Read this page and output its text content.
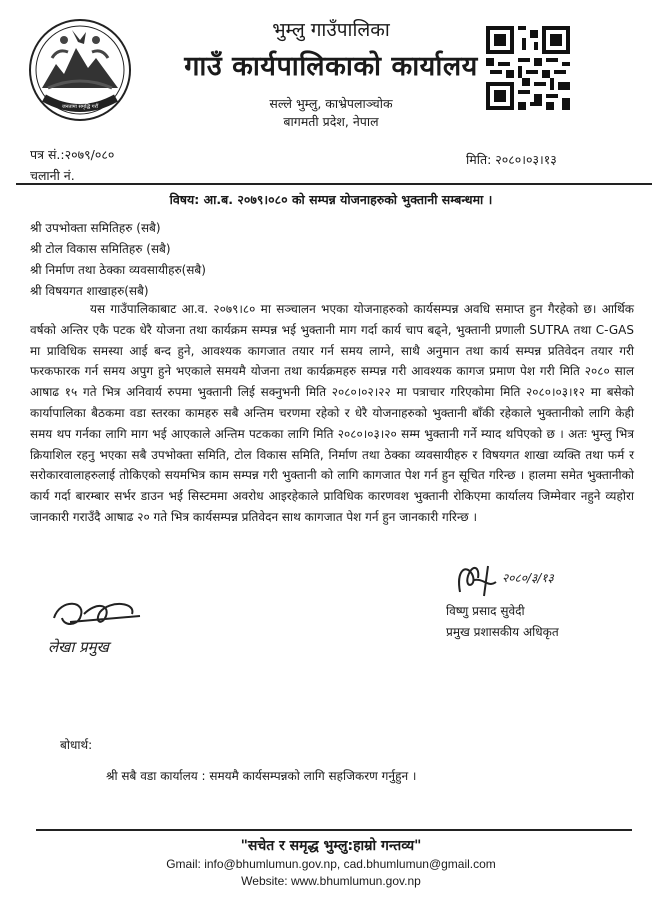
जनतामा समृद्धि गरौँ
भुम्लु गाउँपालिका
गाउँ कार्यपालिकाको कार्यालय
सल्ले भुम्लु, काभ्रेपलाञ्चोक
बागमती प्रदेश, नेपाल
पत्र सं.:२०७९/०८०
चलानी नं.
मिति: २०८०।०३।१३
विषय: आ.ब. २०७९।०८० को सम्पन्न योजनाहरुको भुक्तानी सम्बन्धमा ।
श्री उपभोक्ता समितिहरु (सबै)
श्री टोल विकास समितिहरु (सबै)
श्री निर्माण तथा ठेक्का व्यवसायीहरु(सबै)
श्री विषयगत शाखाहरु(सबै)

यस गाउँपालिकाबाट आ.व. २०७९।८० मा सञ्चालन भएका योजनाहरुको कार्यसम्पन्न अवधि समाप्त हुन गैरहेको छ। आर्थिक वर्षको अन्तिर एकै पटक धेरै योजना तथा कार्यक्रम सम्पन्न भई भुक्तानी माग गर्दा कार्य चाप बढ्ने, भुक्तानी प्रणाली SUTRA तथा C-GAS मा प्राविधिक समस्या आई बन्द हुने, आवश्यक कागजात तयार गर्न समय लाग्ने, साथै अनुमान तथा कार्य सम्पन्न प्रतिवेदन तयार गरी फरकफारक गर्न समय अपुग हुने भएकाले समयमै योजना तथा कार्यक्रमहरु सम्पन्न गरी आवश्यक कागज प्रमाण पेश गरी मिति २०८० साल आषाढ १५ गते भित्र अनिवार्य रुपमा भुक्तानी लिई सक्नुभनी मिति २०८०।०२।२२ मा पत्राचार गरिएकोमा मिति २०८०।०३।१२ मा बसेको कार्यापालिका बैठकमा वडा स्तरका कामहरु सबै अन्तिम चरणमा रहेको र धेरै योजनाहरुको भुक्तानी बाँकी रहेकाले भुक्तानीको लागि केही समय थप गर्नका लागि माग भई आएकाले अन्तिम पटकका लागि मिति २०८०।०३।२० सम्म भुक्तानी गर्ने म्याद थपिएको छ । अतः भुम्लु भित्र क्रियाशिल रहनु भएका सबै उपभोक्ता समिति, टोल विकास समिति, निर्माण तथा ठेक्का व्यवसायीहरु र विषयगत शाखा व्यक्ति तथा फर्म र सरोकारवालाहरुलाई तोकिएको सयमभित्र काम सम्पन्न गरी भुक्तानी को लागि कागजात पेश गर्न हुन सूचित गरिन्छ । हालमा समेत भुक्तानीको कार्य गर्दा बारम्बार सर्भर डाउन भई सिस्टममा अवरोध आइरहेकाले प्राविधिक कारणवश भुक्तानी रोकिएमा कार्यालय जिम्मेवार नहुने व्यहोरा जानकारी गराउँदै आषाढ २० गते भित्र कार्यसम्पन्न प्रतिवेदन साथ कागजात पेश गर्न हुन जानकारी गरिन्छ ।

लेखा प्रमुख
२०८०/३/१३
विष्णु प्रसाद सुवेदी
प्रमुख प्रशासकीय अधिकृत
बोधार्थ:
श्री सबै वडा कार्यालय : समयमै कार्यसम्पन्नको लागि सहजिकरण गर्नुहुन ।
"सचेत र समृद्ध भुम्लु:हाम्रो गन्तव्य"
Gmail: info@bhumlumun.gov.np, cad.bhumlumun@gmail.com
Website: www.bhumlumun.gov.np
